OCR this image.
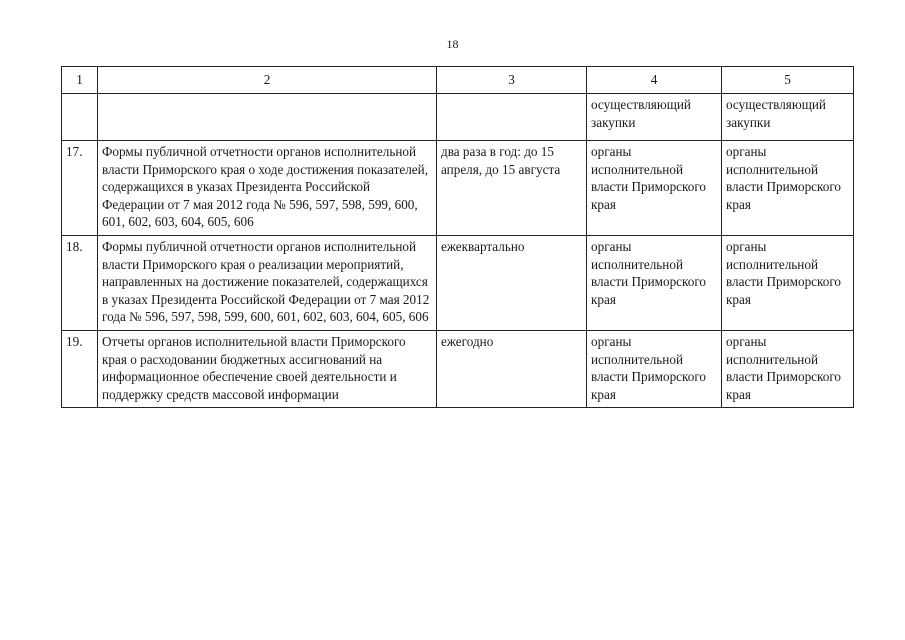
18
1	2	3	4	5
			осуществляющий закупки	осуществляющий закупки
17.	Формы публичной отчетности органов исполнительной власти Приморского края о ходе достижения показателей, содержащихся в указах Президента Российской Федерации от 7 мая 2012 года № 596, 597, 598, 599, 600, 601, 602, 603, 604, 605, 606	два раза в год: до 15 апреля, до 15 августа	органы исполнительной власти Приморского края	органы исполнительной власти Приморского края
18.	Формы публичной отчетности органов исполнительной власти Приморского края о реализации мероприятий, направленных на достижение показателей, содержащихся в указах Президента Российской Федерации от 7 мая 2012 года № 596, 597, 598, 599, 600, 601, 602, 603, 604, 605, 606	ежеквартально	органы исполнительной власти Приморского края	органы исполнительной власти Приморского края
19.	Отчеты органов исполнительной власти Приморского края о расходовании бюджетных ассигнований на информационное обеспечение своей деятельности и поддержку средств массовой информации	ежегодно	органы исполнительной власти Приморского края	органы исполнительной власти Приморского края
